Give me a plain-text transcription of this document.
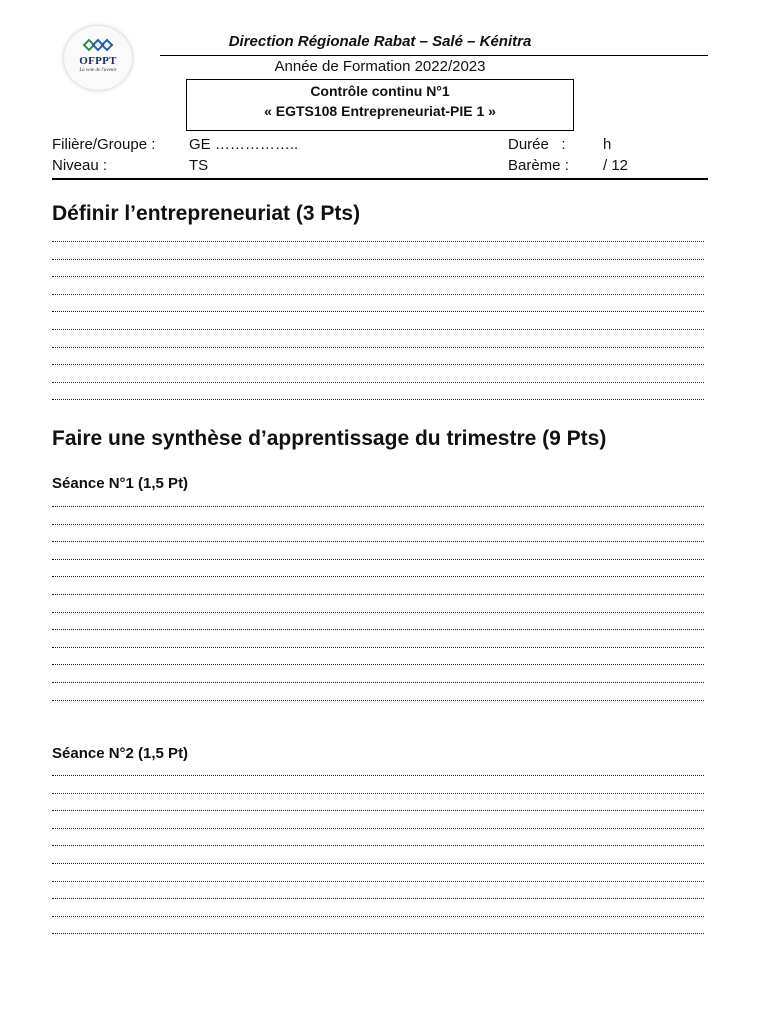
OFPPT
La voie de l'avenir
Direction Régionale Rabat – Salé – Kénitra
Année de Formation 2022/2023
Contrôle continu N°1
« EGTS108 Entrepreneuriat-PIE 1 »
Filière/Groupe : GE ……………..	Durée   : h
Niveau :	TS	Barème : / 12
Définir l’entrepreneuriat (3 Pts)
Faire une synthèse d’apprentissage du trimestre (9 Pts)
Séance N°1 (1,5 Pt)
Séance N°2 (1,5 Pt)
